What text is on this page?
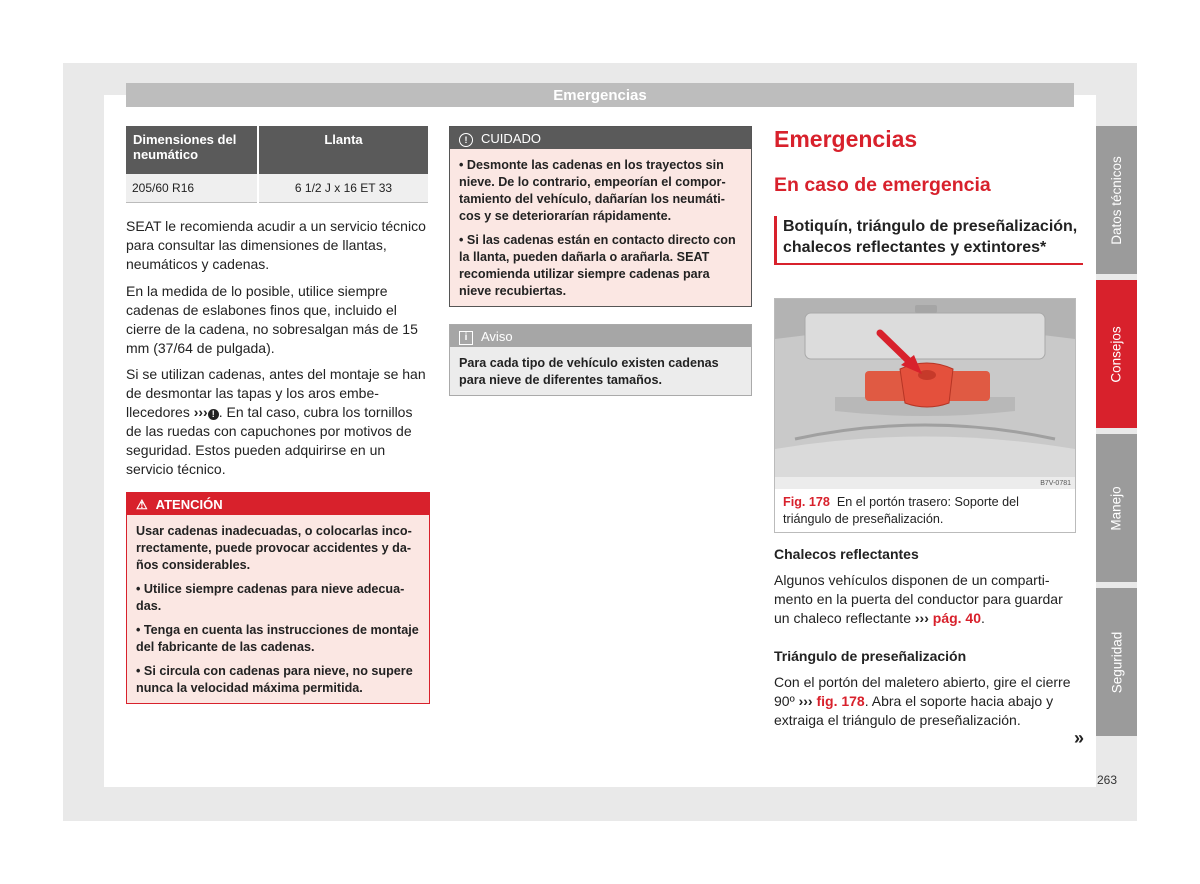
Emergencias
Datos técnicos
Consejos
Manejo
Seguridad
263
Dimensiones del neumático	Llanta
205/60 R16	6 1/2 J x 16 ET 33

SEAT le recomienda acudir a un servicio técnico para consultar las dimensiones de llantas, neumáticos y cadenas.

En la medida de lo posible, utilice siempre cadenas de eslabones finos que, incluido el cierre de la cadena, no sobresalgan más de 15 mm (37/64 de pulgada).

Si se utilizan cadenas, antes del montaje se han de desmontar las tapas y los aros embellecedores ››› ! . En tal caso, cubra los tornillos de las ruedas con capuchones por motivos de seguridad. Estos pueden adquirirse en un servicio técnico.

⚠ ATENCIÓN

Usar cadenas inadecuadas, o colocarlas incorrectamente, puede provocar accidentes y daños considerables.

• Utilice siempre cadenas para nieve adecuadas.

• Tenga en cuenta las instrucciones de montaje del fabricante de las cadenas.

• Si circula con cadenas para nieve, no supere nunca la velocidad máxima permitida.

!	CUIDADO

• Desmonte las cadenas en los trayectos sin nieve. De lo contrario, empeorían el comportamiento del vehículo, dañarían los neumáticos y se deteriorarían rápidamente.

• Si las cadenas están en contacto directo con la llanta, pueden dañarla o arañarla. SEAT recomienda utilizar siempre cadenas para nieve recubiertas.

i	Aviso

Para cada tipo de vehículo existen cadenas para nieve de diferentes tamaños.

Emergencias
En caso de emergencia
Botiquín, triángulo de preseñalización, chalecos reflectantes y extintores*
B7V-0781
Fig. 178 En el portón trasero: Soporte del triángulo de preseñalización.

Chalecos reflectantes

Algunos vehículos disponen de un compartimento en la puerta del conductor para guardar un chaleco reflectante ››› pág. 40.

Triángulo de preseñalización

Con el portón del maletero abierto, gire el cierre 90º ››› fig. 178. Abra el soporte hacia abajo y extraiga el triángulo de preseñalización.

»
